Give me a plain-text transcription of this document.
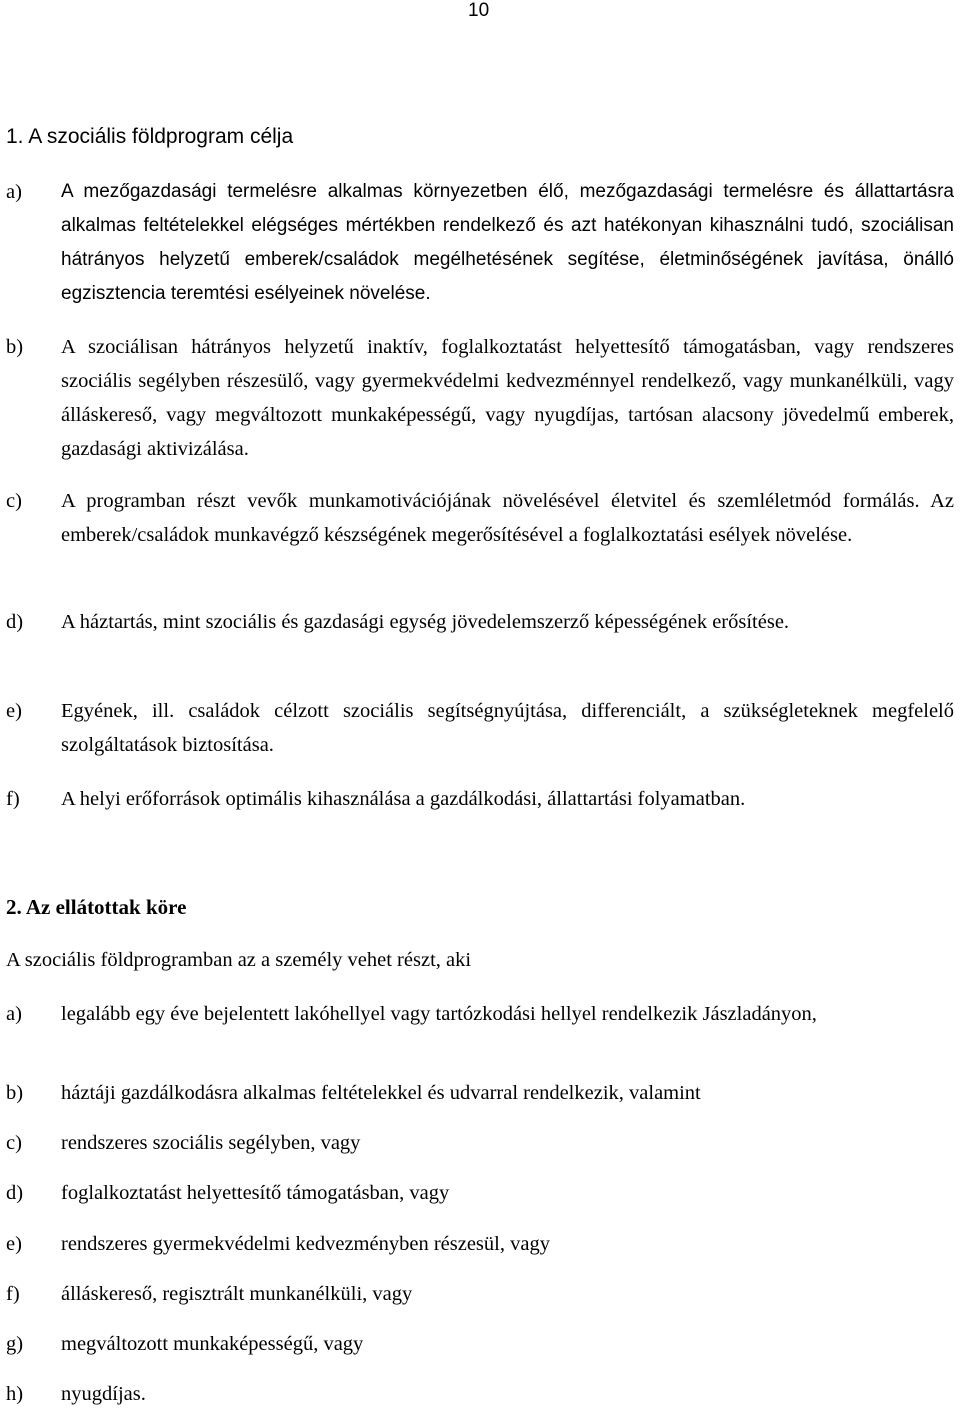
10
1. A szociális földprogram célja
a) A mezőgazdasági termelésre alkalmas környezetben élő, mezőgazdasági termelésre és állattartásra alkalmas feltételekkel elégséges mértékben rendelkező és azt hatékonyan kihasználni tudó, szociálisan hátrányos helyzetű emberek/családok megélhetésének segítése, életminőségének javítása, önálló egzisztencia teremtési esélyeinek növelése.
b) A szociálisan hátrányos helyzetű inaktív, foglalkoztatást helyettesítő támogatásban, vagy rendszeres szociális segélyben részesülő, vagy gyermekvédelmi kedvezménnyel rendelkező, vagy munkanélküli, vagy álláskereső, vagy megváltozott munkaképességű, vagy nyugdíjas, tartósan alacsony jövedelmű emberek, gazdasági aktivizálása.
c) A programban részt vevők munkamotivációjának növelésével életvitel és szemléletmód formálás. Az emberek/családok munkavégző készségének megerősítésével a foglalkoztatási esélyek növelése.
d) A háztartás, mint szociális és gazdasági egység jövedelemszerző képességének erősítése.
e) Egyének, ill. családok célzott szociális segítségnyújtása, differenciált, a szükségleteknek megfelelő szolgáltatások biztosítása.
f) A helyi erőforrások optimális kihasználása a gazdálkodási, állattartási folyamatban.
2. Az ellátottak köre
A szociális földprogramban az a személy vehet részt, aki
a) legalább egy éve bejelentett lakóhellyel vagy tartózkodási hellyel rendelkezik Jászladányon,
b) háztáji gazdálkodásra alkalmas feltételekkel és udvarral rendelkezik, valamint
c) rendszeres szociális segélyben, vagy
d) foglalkoztatást helyettesítő támogatásban, vagy
e) rendszeres gyermekvédelmi kedvezményben részesül, vagy
f) álláskereső, regisztrált munkanélküli, vagy
g) megváltozott munkaképességű, vagy
h) nyugdíjas.
